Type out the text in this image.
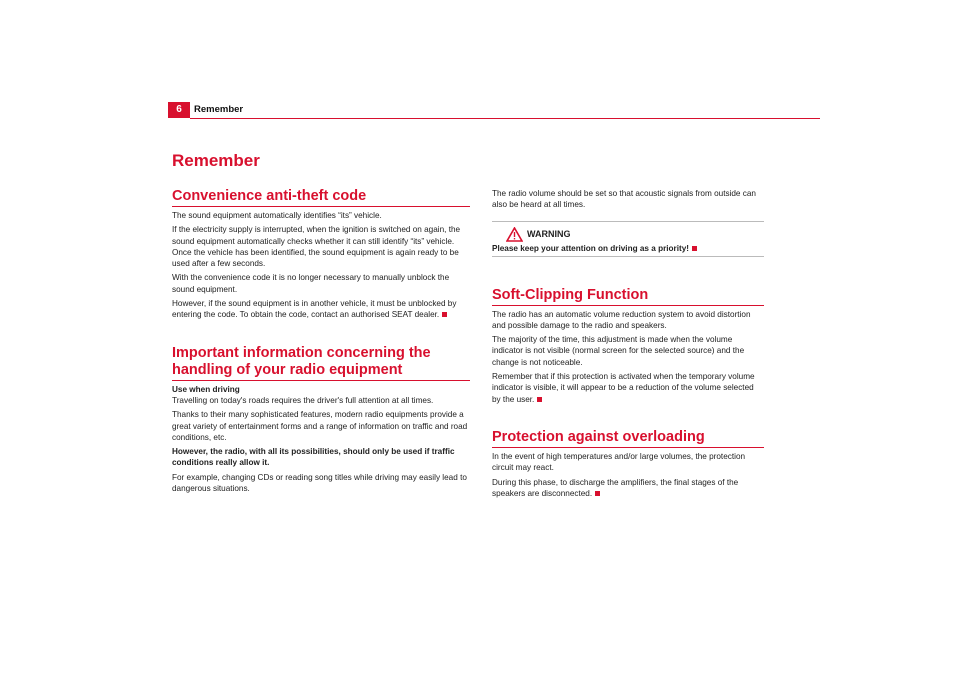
6	Remember
Remember
Convenience anti-theft code

The sound equipment automatically identifies “its” vehicle.

If the electricity supply is interrupted, when the ignition is switched on again, the sound equipment automatically checks whether it can still identify “its” vehicle. Once the vehicle has been identified, the sound equipment is again ready to be used after a few seconds.

With the convenience code it is no longer necessary to manually unblock the sound equipment.

However, if the sound equipment is in another vehicle, it must be unblocked by entering the code. To obtain the code, contact an authorised SEAT dealer.

Important information concerning the handling of your radio equipment

Use when driving

Travelling on today's roads requires the driver's full attention at all times.

Thanks to their many sophisticated features, modern radio equipments provide a great variety of entertainment forms and a range of information on traffic and road conditions, etc.

However, the radio, with all its possibilities, should only be used if traffic conditions really allow it.

For example, changing CDs or reading song titles while driving may easily lead to dangerous situations.

The radio volume should be set so that acoustic signals from outside can also be heard at all times.

WARNING
Please keep your attention on driving as a priority!
Soft-Clipping Function

The radio has an automatic volume reduction system to avoid distortion and possible damage to the radio and speakers.

The majority of the time, this adjustment is made when the volume indicator is not visible (normal screen for the selected source) and the change is not noticeable.

Remember that if this protection is activated when the temporary volume indicator is visible, it will appear to be a reduction of the volume selected by the user.

Protection against overloading

In the event of high temperatures and/or large volumes, the protection circuit may react.

During this phase, to discharge the amplifiers, the final stages of the speakers are disconnected.
